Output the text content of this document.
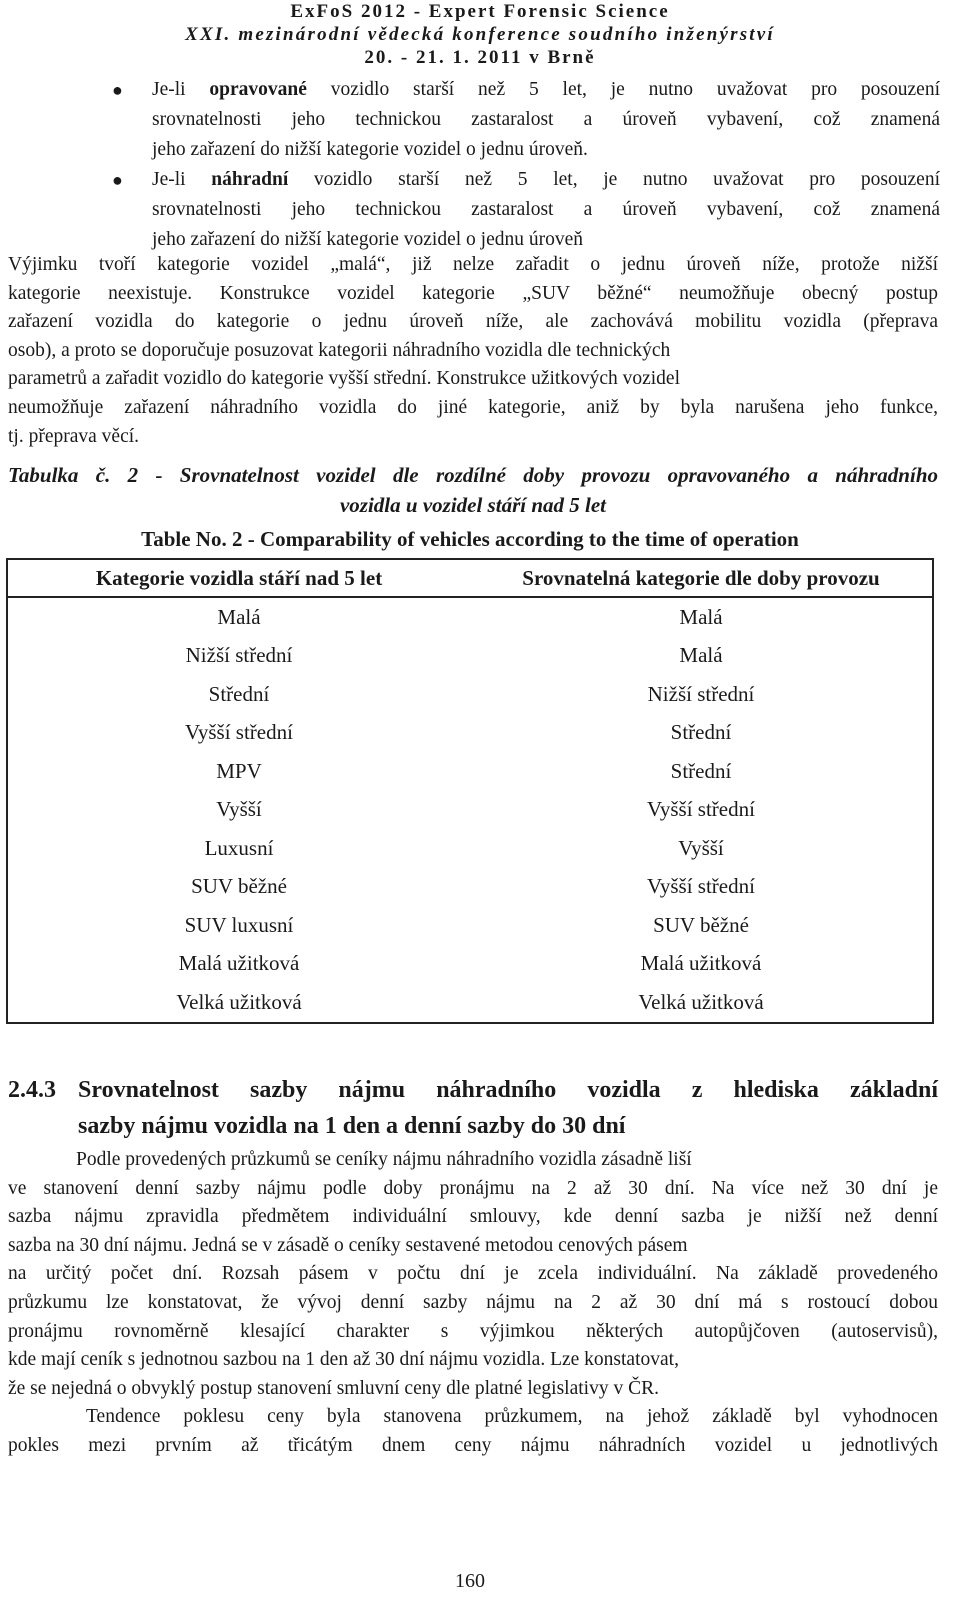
ExFoS 2012 - Expert Forensic Science
XXI. mezinárodní vědecká konference soudního inženýrství
20. - 21. 1. 2011 v Brně
● Je-li opravované vozidlo starší než 5 let, je nutno uvažovat pro posouzení
srovnatelnosti jeho technickou zastaralost a úroveň vybavení, což znamená
jeho zařazení do nižší kategorie vozidel o jednu úroveň.
● Je-li náhradní vozidlo starší než 5 let, je nutno uvažovat pro posouzení
srovnatelnosti jeho technickou zastaralost a úroveň vybavení, což znamená
jeho zařazení do nižší kategorie vozidel o jednu úroveň
Výjimku tvoří kategorie vozidel „malá“, již nelze zařadit o jednu úroveň níže, protože nižší
kategorie neexistuje. Konstrukce vozidel kategorie „SUV běžné“ neumožňuje obecný postup
zařazení vozidla do kategorie o jednu úroveň níže, ale zachovává mobilitu vozidla (přeprava
osob), a proto se doporučuje posuzovat kategorii náhradního vozidla dle technických
parametrů a zařadit vozidlo do kategorie vyšší střední. Konstrukce užitkových vozidel
neumožňuje zařazení náhradního vozidla do jiné kategorie, aniž by byla narušena jeho funkce,
tj. přeprava věcí.
Tabulka č. 2 - Srovnatelnost vozidel dle rozdílné doby provozu opravovaného a náhradního
vozidla u vozidel stáří nad 5 let
Table No. 2 - Comparability of vehicles according to the time of operation
Kategorie vozidla stáří nad 5 let	Srovnatelná kategorie dle doby provozu
Malá	Malá
Nižší střední	Malá
Střední	Nižší střední
Vyšší střední	Střední
MPV	Střední
Vyšší	Vyšší střední
Luxusní	Vyšší
SUV běžné	Vyšší střední
SUV luxusní	SUV běžné
Malá užitková	Malá užitková
Velká užitková	Velká užitková
2.4.3 Srovnatelnost sazby nájmu náhradního vozidla z hlediska základní
sazby nájmu vozidla na 1 den a denní sazby do 30 dní
Podle provedených průzkumů se ceníky nájmu náhradního vozidla zásadně liší
ve stanovení denní sazby nájmu podle doby pronájmu na 2 až 30 dní. Na více než 30 dní je
sazba nájmu zpravidla předmětem individuální smlouvy, kde denní sazba je nižší než denní
sazba na 30 dní nájmu. Jedná se v zásadě o ceníky sestavené metodou cenových pásem
na určitý počet dní. Rozsah pásem v počtu dní je zcela individuální. Na základě provedeného
průzkumu lze konstatovat, že vývoj denní sazby nájmu na 2 až 30 dní má s rostoucí dobou
pronájmu rovnoměrně klesající charakter s výjimkou některých autopůjčoven (autoservisů),
kde mají ceník s jednotnou sazbou na 1 den až 30 dní nájmu vozidla. Lze konstatovat,
že se nejedná o obvyklý postup stanovení smluvní ceny dle platné legislativy v ČR.
Tendence poklesu ceny byla stanovena průzkumem, na jehož základě byl vyhodnocen
pokles mezi prvním až třicátým dnem ceny nájmu náhradních vozidel u jednotlivých
160
